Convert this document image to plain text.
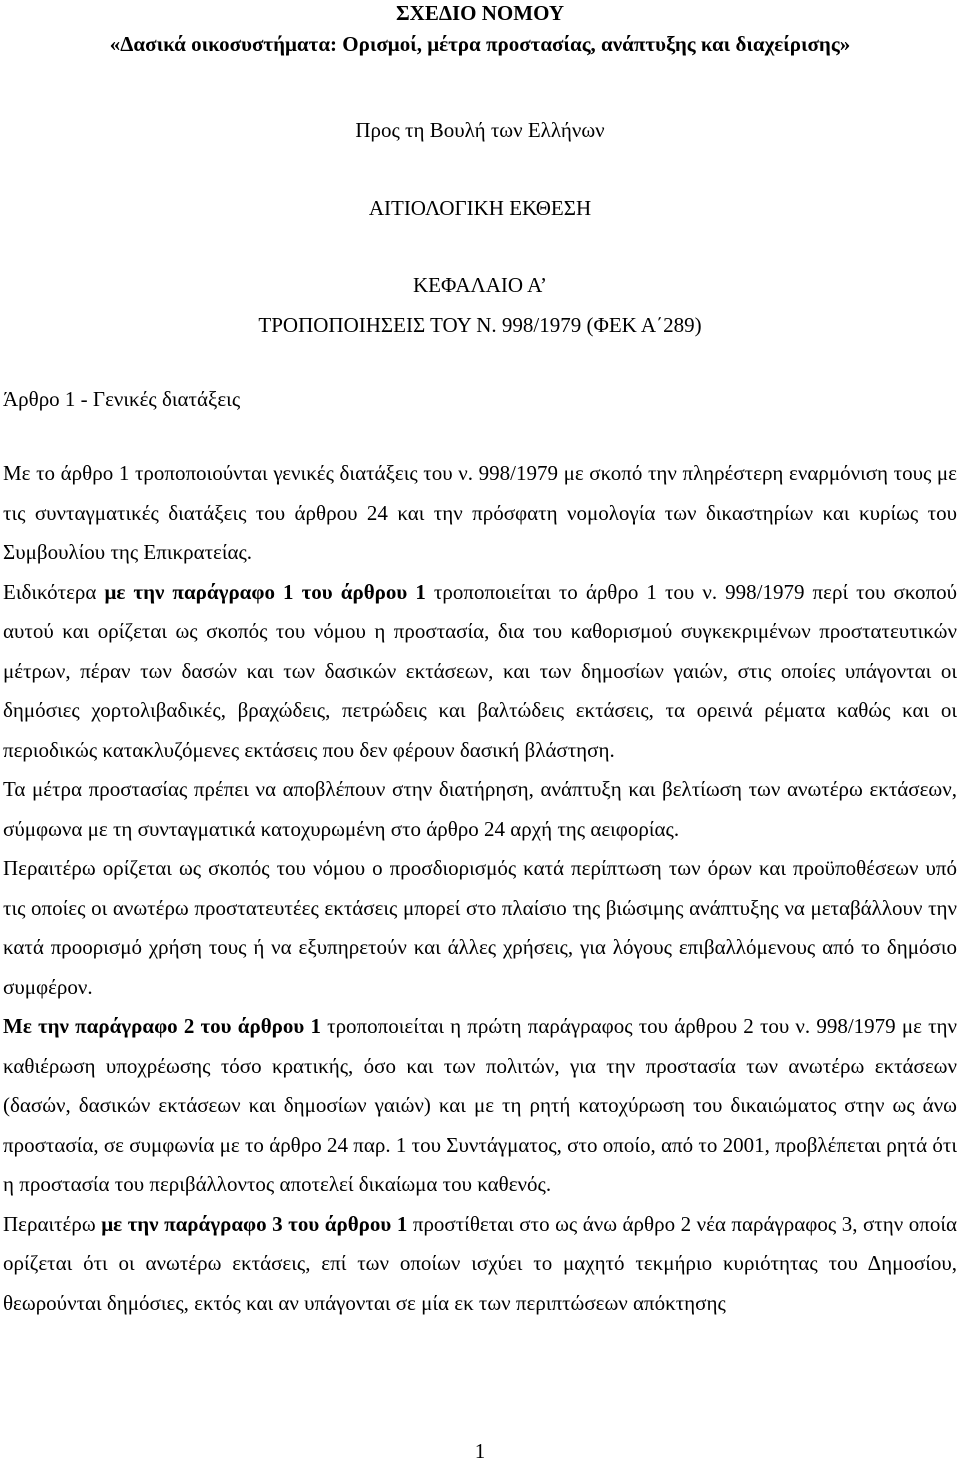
ΣΧΕΔΙΟ ΝΟΜΟΥ

«Δασικά οικοσυστήματα: Ορισμοί, μέτρα προστασίας, ανάπτυξης και διαχείρισης»

Προς τη Βουλή των Ελλήνων

ΑΙΤΙΟΛΟΓΙΚΗ ΕΚΘΕΣΗ

ΚΕΦΑΛΑΙΟ Α’

ΤΡΟΠΟΠΟΙΗΣΕΙΣ ΤΟΥ Ν. 998/1979 (ΦΕΚ Α΄289)

Άρθρο 1 - Γενικές διατάξεις

Με το άρθρο 1 τροποποιούνται γενικές διατάξεις του ν. 998/1979 με σκοπό την πληρέστερη εναρμόνιση τους με τις συνταγματικές διατάξεις του άρθρου 24 και την πρόσφατη νομολογία των δικαστηρίων και κυρίως του Συμβουλίου της Επικρατείας.

Ειδικότερα με την παράγραφο 1 του άρθρου 1 τροποποιείται το άρθρο 1 του ν. 998/1979 περί του σκοπού αυτού και ορίζεται ως σκοπός του νόμου η προστασία, δια του καθορισμού συγκεκριμένων προστατευτικών μέτρων, πέραν των δασών και των δασικών εκτάσεων, και των δημοσίων γαιών, στις οποίες υπάγονται οι δημόσιες χορτολιβαδικές, βραχώδεις, πετρώδεις και βαλτώδεις εκτάσεις, τα ορεινά ρέματα καθώς και οι περιοδικώς κατακλυζόμενες εκτάσεις που δεν φέρουν δασική βλάστηση.

Τα μέτρα προστασίας πρέπει να αποβλέπουν στην διατήρηση, ανάπτυξη και βελτίωση των ανωτέρω εκτάσεων, σύμφωνα με τη συνταγματικά κατοχυρωμένη στο άρθρο 24 αρχή της αειφορίας.

Περαιτέρω ορίζεται ως σκοπός του νόμου ο προσδιορισμός κατά περίπτωση των όρων και προϋποθέσεων υπό τις οποίες οι ανωτέρω προστατευτέες εκτάσεις μπορεί στο πλαίσιο της βιώσιμης ανάπτυξης να μεταβάλλουν την κατά προορισμό χρήση τους ή να εξυπηρετούν και άλλες χρήσεις, για λόγους επιβαλλόμενους από το δημόσιο συμφέρον.

Με την παράγραφο 2 του άρθρου 1 τροποποιείται η πρώτη παράγραφος του άρθρου 2 του ν. 998/1979 με την καθιέρωση υποχρέωσης τόσο κρατικής, όσο και των πολιτών, για την προστασία των ανωτέρω εκτάσεων (δασών, δασικών εκτάσεων και δημοσίων γαιών) και με τη ρητή κατοχύρωση του δικαιώματος στην ως άνω προστασία, σε συμφωνία με το άρθρο 24 παρ. 1 του Συντάγματος, στο οποίο, από το 2001, προβλέπεται ρητά ότι η προστασία του περιβάλλοντος αποτελεί δικαίωμα του καθενός.

Περαιτέρω με την παράγραφο 3 του άρθρου 1 προστίθεται στο ως άνω άρθρο 2 νέα παράγραφος 3, στην οποία ορίζεται ότι οι ανωτέρω εκτάσεις, επί των οποίων ισχύει το μαχητό τεκμήριο κυριότητας του Δημοσίου, θεωρούνται δημόσιες, εκτός και αν υπάγονται σε μία εκ των περιπτώσεων απόκτησης

1
